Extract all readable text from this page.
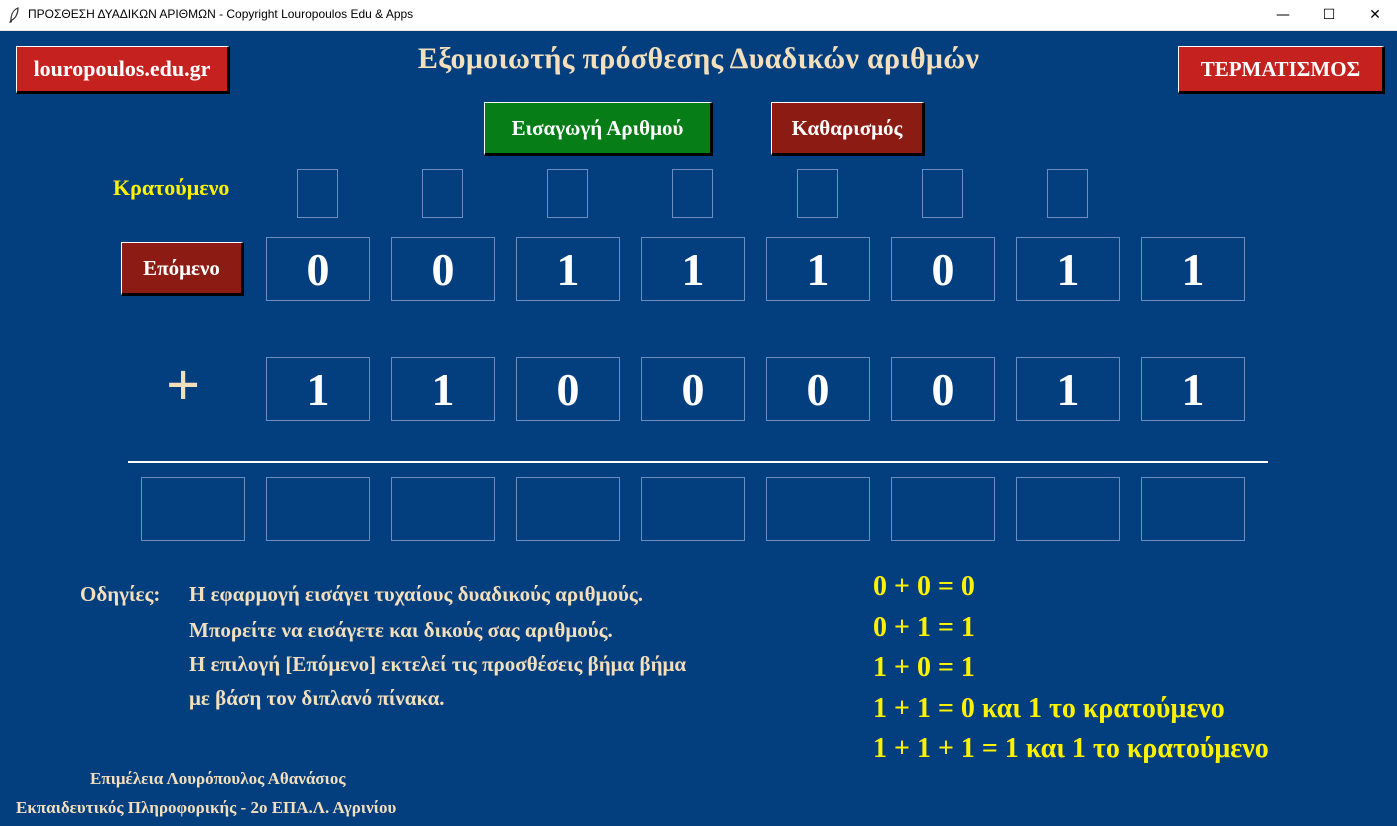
ΠΡΟΣΘΕΣΗ ΔΥΑΔΙΚΩΝ ΑΡΙΘΜΩΝ - Copyright Louropoulos Edu & Apps	—	☐	✕
louropoulos.edu.gr	Εξομοιωτής πρόσθεσης Δυαδικών αριθμών	ΤΕΡΜΑΤΙΣΜΟΣ
Εισαγωγή Αριθμού	Καθαρισμός
Κρατούμενο
Επόμενο	0	0	1	1	1	0	1	1
+	1	1	0	0	0	0	1	1
Οδηγίες: Η εφαρμογή εισάγει τυχαίους δυαδικούς αριθμούς.
Μπορείτε να εισάγετε και δικούς σας αριθμούς.
Η επιλογή [Επόμενο] εκτελεί τις προσθέσεις βήμα βήμα
με βάση τον διπλανό πίνακα.
0 + 0 = 0
0 + 1 = 1
1 + 0 = 1
1 + 1 = 0 και 1 το κρατούμενο
1 + 1 + 1 = 1 και 1 το κρατούμενο
Επιμέλεια Λουρόπουλος Αθανάσιος
Εκπαιδευτικός Πληροφορικής - 2ο ΕΠΑ.Λ. Αγρινίου
